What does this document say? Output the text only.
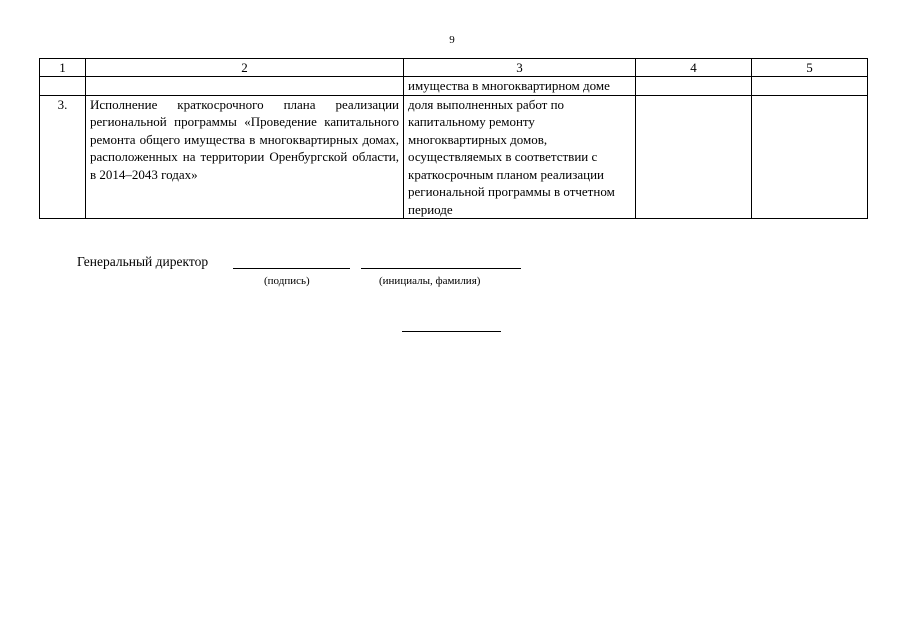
9
1	2	3	4	5
		имущества в многоквартирном доме		
3.	Исполнение краткосрочного плана реализации региональной программы «Проведение капитального ремонта общего имущества в многоквартирных домах, расположенных на территории Оренбургской области, в 2014–2043 годах»	доля выполненных работ по капитальному ремонту многоквартирных домов, осуществляемых в соответствии с краткосрочным планом реализации региональной программы в отчетном периоде		
Генеральный директор
(подпись)	(инициалы, фамилия)
